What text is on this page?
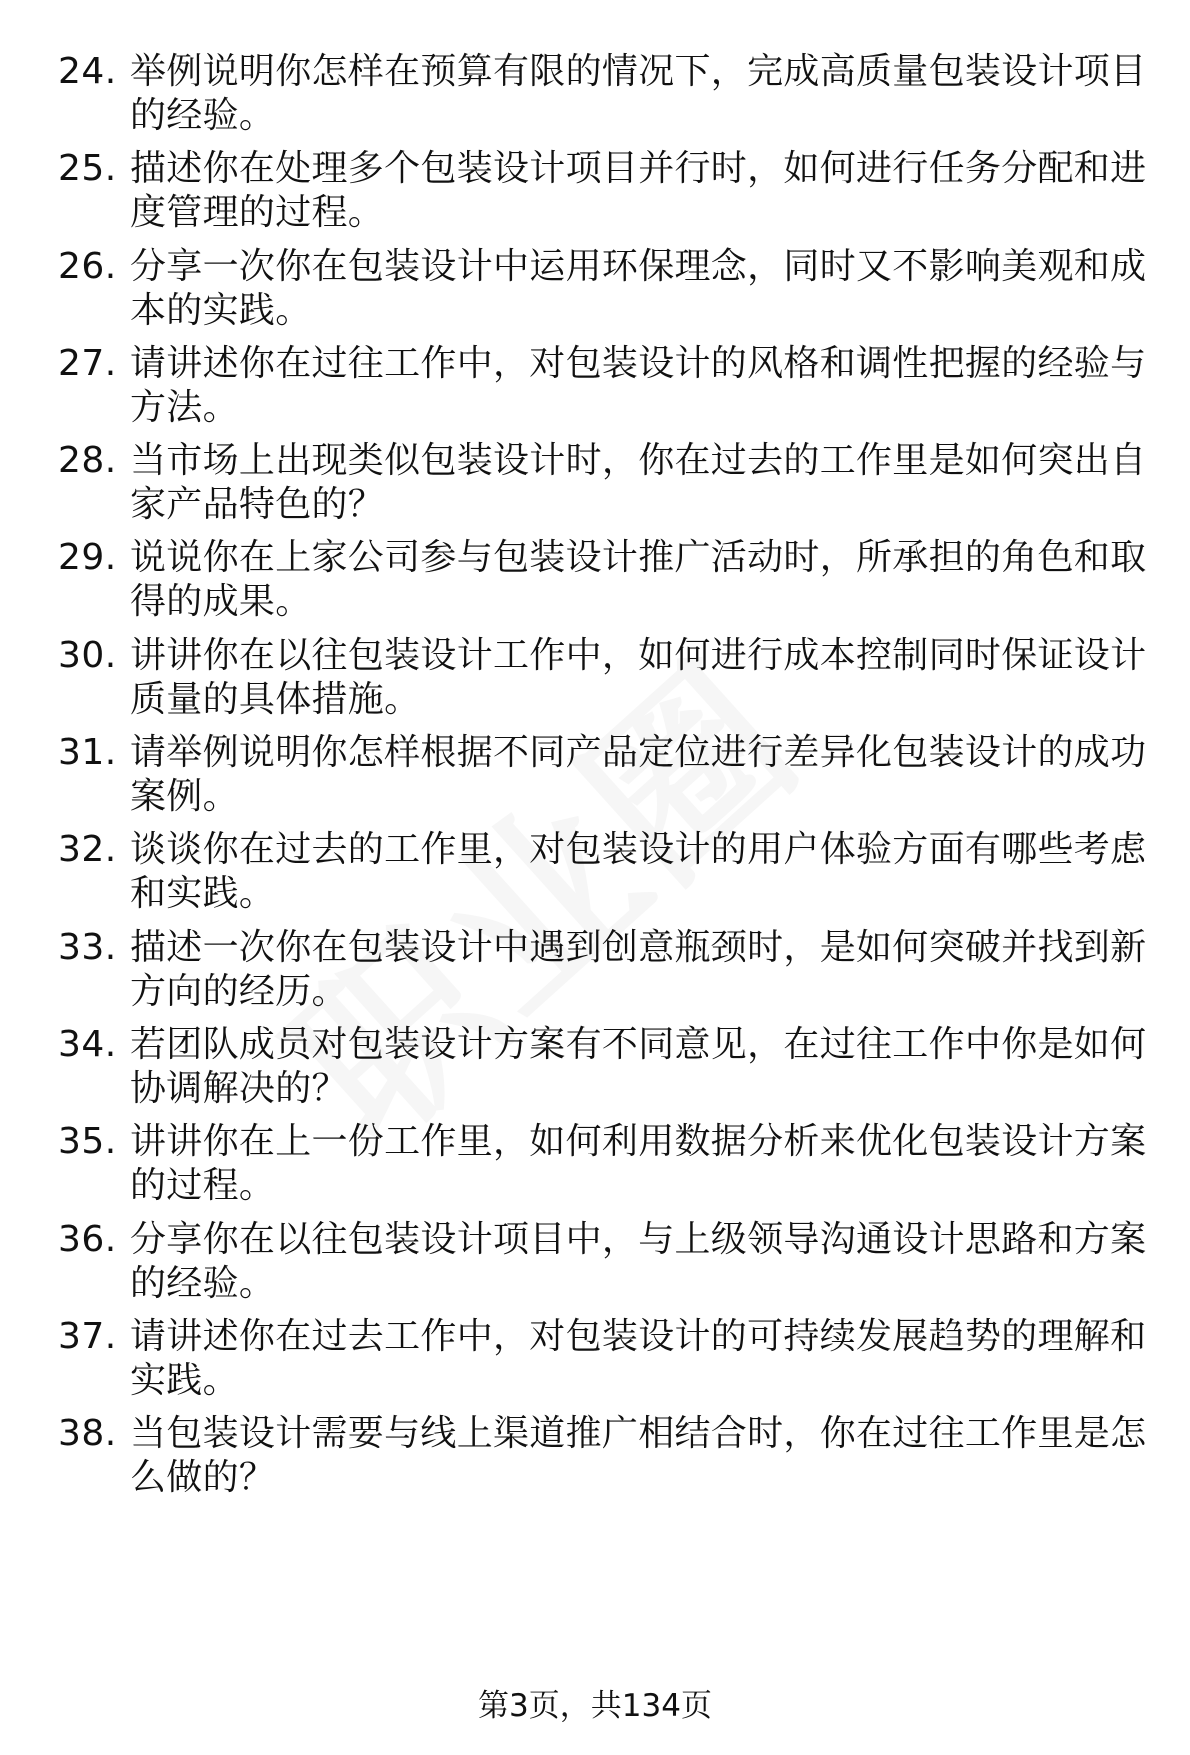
24. 举例说明你怎样在预算有限的情况下，完成高质量包装设计项目的经验。
25. 描述你在处理多个包装设计项目并行时，如何进行任务分配和进度管理的过程。
26. 分享一次你在包装设计中运用环保理念，同时又不影响美观和成本的实践。
27. 请讲述你在过往工作中，对包装设计的风格和调性把握的经验与方法。
28. 当市场上出现类似包装设计时，你在过去的工作里是如何突出自家产品特色的？
29. 说说你在上家公司参与包装设计推广活动时，所承担的角色和取得的成果。
30. 讲讲你在以往包装设计工作中，如何进行成本控制同时保证设计质量的具体措施。
31. 请举例说明你怎样根据不同产品定位进行差异化包装设计的成功案例。
32. 谈谈你在过去的工作里，对包装设计的用户体验方面有哪些考虑和实践。
33. 描述一次你在包装设计中遇到创意瓶颈时，是如何突破并找到新方向的经历。
34. 若团队成员对包装设计方案有不同意见，在过往工作中你是如何协调解决的？
35. 讲讲你在上一份工作里，如何利用数据分析来优化包装设计方案的过程。
36. 分享你在以往包装设计项目中，与上级领导沟通设计思路和方案的经验。
37. 请讲述你在过去工作中，对包装设计的可持续发展趋势的理解和实践。
38. 当包装设计需要与线上渠道推广相结合时，你在过往工作里是怎么做的？
第3页，共134页
